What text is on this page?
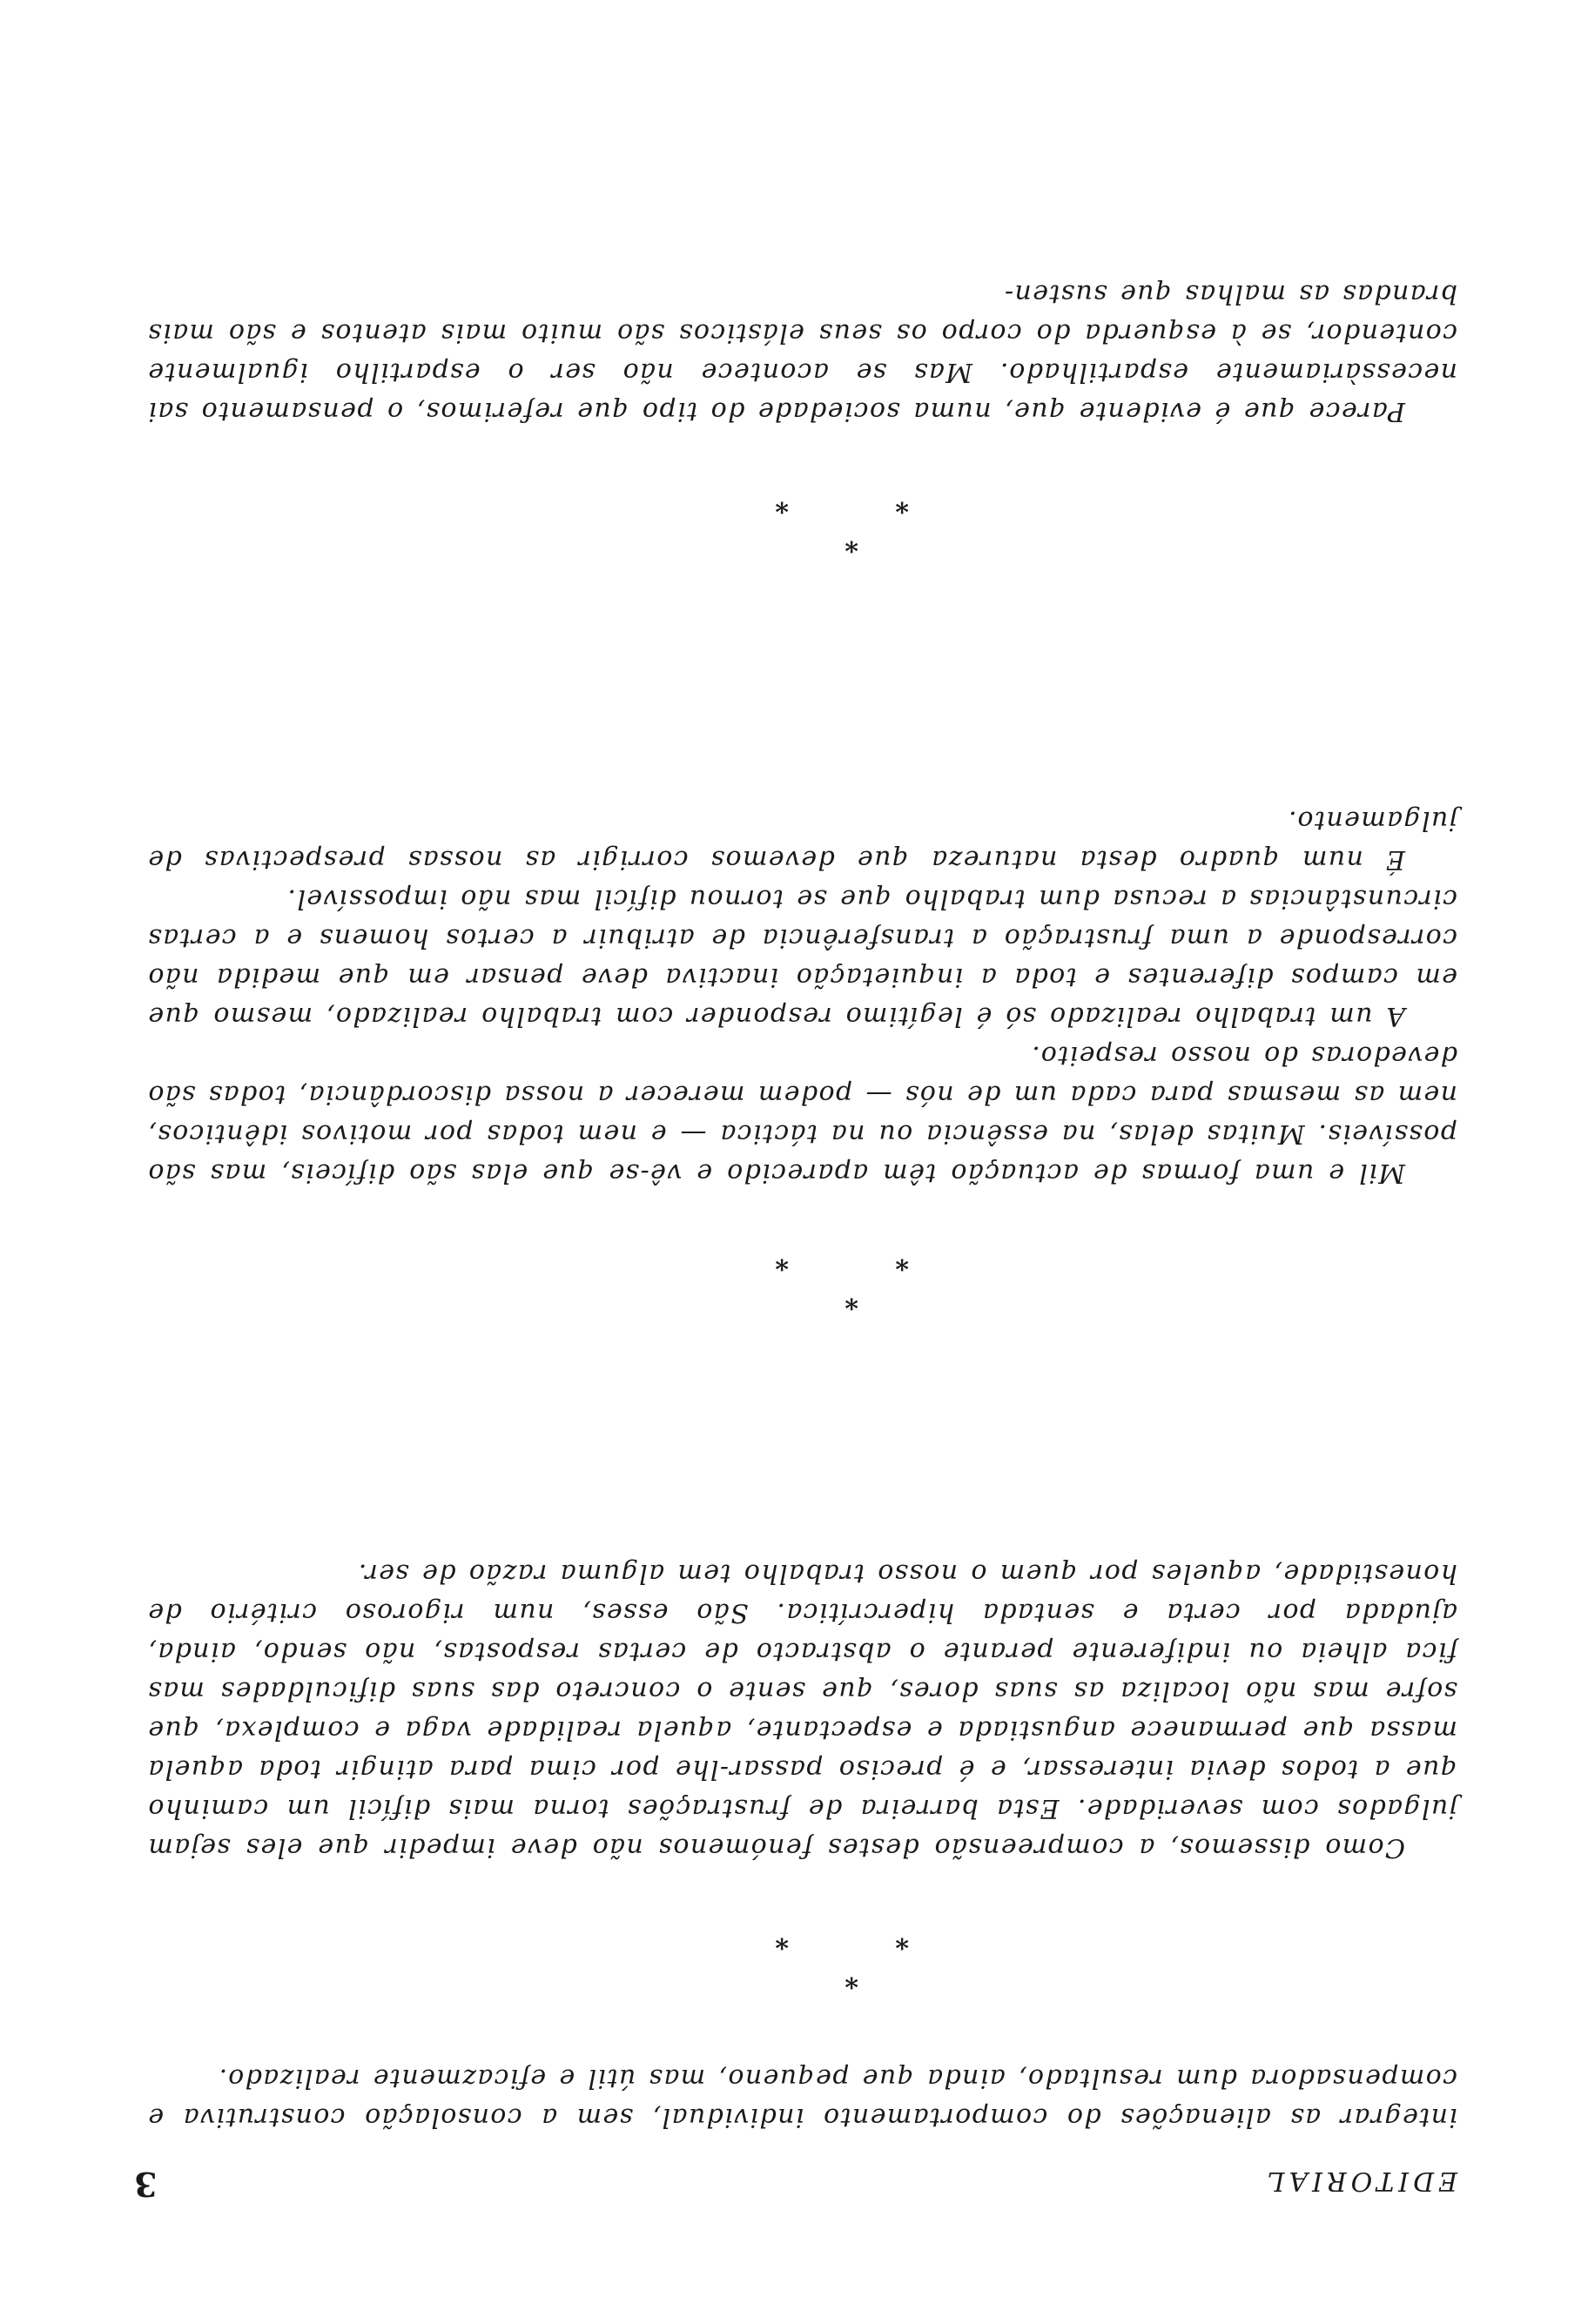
EDITORIAL
3

integrar as alienações do comportamento individual, sem a consolação construtiva e compensadora dum resultado, ainda que pequeno, mas útil e eficazmente realizado.

*
*
*

Como dissemos, a compreensão destes fenómenos não deve impedir que eles sejam julgados com severidade. Esta barreira de frustrações torna mais difícil um caminho que a todos devia interessar, e é preciso passar-lhe por cima para atingir toda aquela massa que permanece angustiada e espectante, aquela realidade vaga e complexa, que sofre mas não localiza as suas dores, que sente o concreto das suas dificuldades mas fica alheia ou indiferente perante o abstracto de certas respostas, não sendo, ainda, ajudada por certa e sentada hipercrítica. São esses, num rigoroso critério de honestidade, aqueles por quem o nosso trabalho tem alguma razão de ser.

*
*
*

Mil e uma formas de actuação têm aparecido e vê-se que elas são difíceis, mas são possíveis. Muitas delas, na essência ou na táctica — e nem todas por motivos idênticos, nem as mesmas para cada um de nós — podem merecer a nossa discordância, todas são devedoras do nosso respeito.

A um trabalho realizado só é legítimo responder com trabalho realizado, mesmo que em campos diferentes e toda a inquietação inactiva deve pensar em que medida não corresponde a uma frustração a transferência de atribuir a certos homens e a certas circunstâncias a recusa dum trabalho que se tornou difícil mas não impossível.

É num quadro desta natureza que devemos corrigir as nossas prespectivas de julgamento.

*
*
*

Parece que é evidente que, numa sociedade do tipo que referimos, o pensamento sai necessàriamente espartilhado. Mas se acontece não ser o espartilho igualmente contendor, se à esquerda do corpo os seus elásticos são muito mais atentos e são mais brandas as malhas que susten-
